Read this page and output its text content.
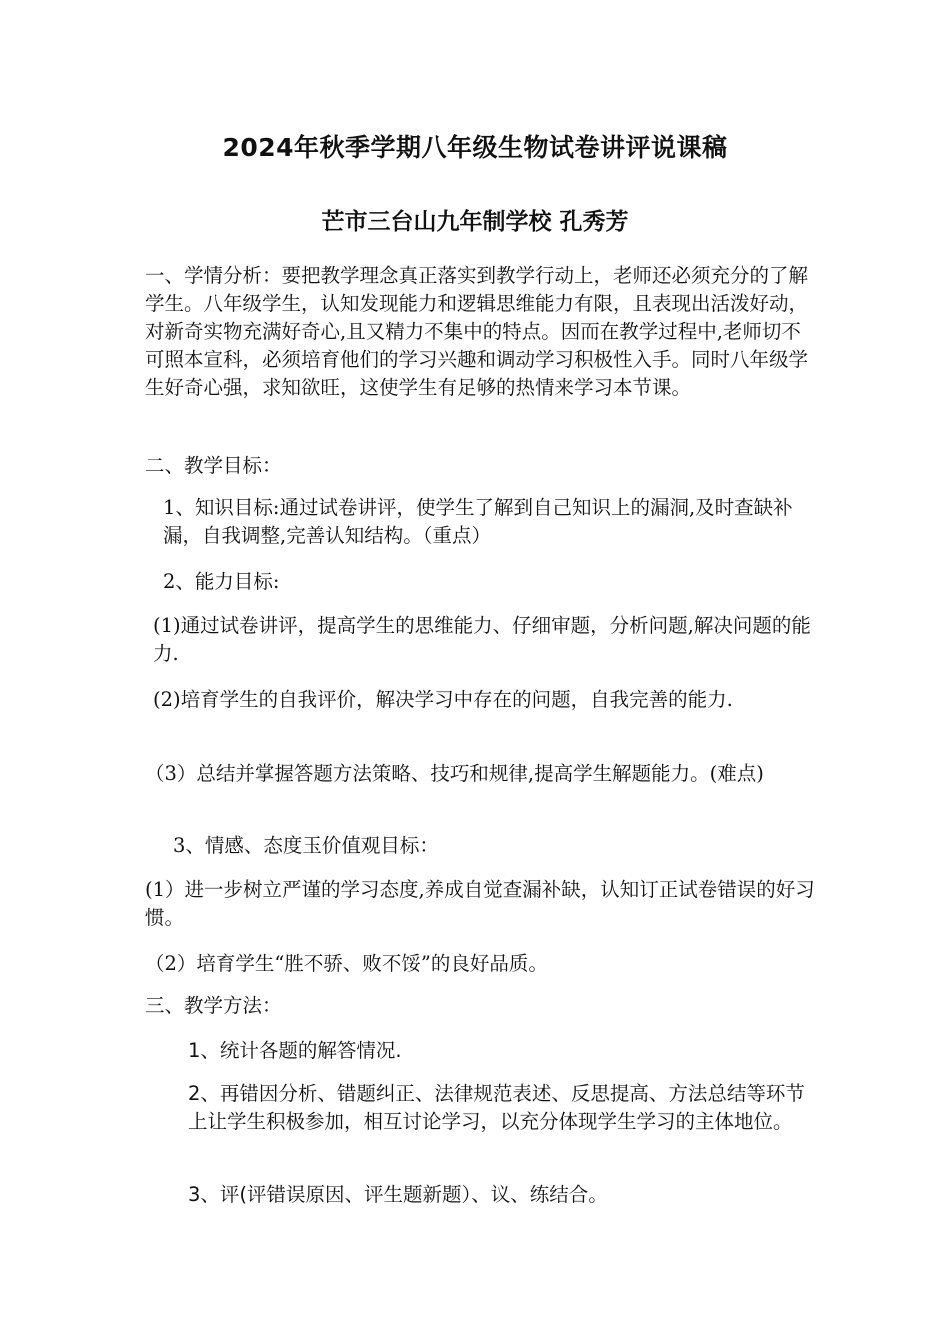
2024年秋季学期八年级生物试卷讲评说课稿
芒市三台山九年制学校 孔秀芳
一、学情分析：要把教学理念真正落实到教学行动上，老师还必须充分的了解学生。八年级学生，认知发现能力和逻辑思维能力有限，且表现出活泼好动，对新奇实物充满好奇心,且又精力不集中的特点。因而在教学过程中,老师切不可照本宣科，必须培育他们的学习兴趣和调动学习积极性入手。同时八年级学生好奇心强，求知欲旺，这使学生有足够的热情来学习本节课。
二、教学目标：
1、知识目标:通过试卷讲评，使学生了解到自己知识上的漏洞,及时查缺补漏，自我调整,完善认知结构。（重点）
2、能力目标:
(1)通过试卷讲评，提高学生的思维能力、仔细审题，分析问题,解决问题的能力.
(2)培育学生的自我评价，解决学习中存在的问题，自我完善的能力.
（3）总结并掌握答题方法策略、技巧和规律,提高学生解题能力。(难点)
3、情感、态度玉价值观目标：
(1）进一步树立严谨的学习态度,养成自觉查漏补缺，认知订正试卷错误的好习惯。
（2）培育学生“胜不骄、败不馁”的良好品质。
三、教学方法：
1、统计各题的解答情况.
2、再错因分析、错题纠正、法律规范表述、反思提高、方法总结等环节上让学生积极参加，相互讨论学习，以充分体现学生学习的主体地位。
3、评(评错误原因、评生题新题）、议、练结合。
